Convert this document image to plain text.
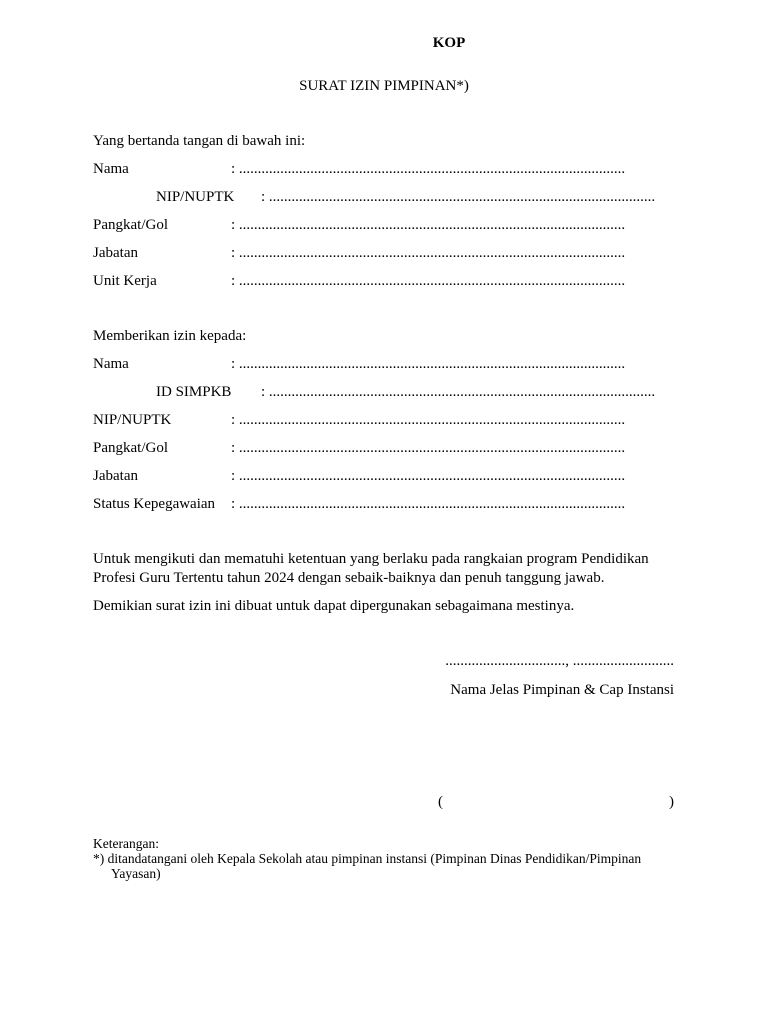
KOP
SURAT IZIN PIMPINAN*)
Yang bertanda tangan di bawah ini:
Nama	: .......................................................................................................
NIP/NUPTK : .......................................................................................................
Pangkat/Gol	: .......................................................................................................
Jabatan	: .......................................................................................................
Unit Kerja	: .......................................................................................................
Memberikan izin kepada:
Nama	: .......................................................................................................
ID SIMPKB : .......................................................................................................
NIP/NUPTK	: .......................................................................................................
Pangkat/Gol	: .......................................................................................................
Jabatan	: .......................................................................................................
Status Kepegawaian : .......................................................................................................
Untuk mengikuti dan mematuhi ketentuan yang berlaku pada rangkaian program Pendidikan Profesi Guru Tertentu tahun 2024 dengan sebaik-baiknya dan penuh tanggung jawab.
Demikian surat izin ini dibuat untuk dapat dipergunakan sebagaimana mestinya.
................................, ...........................
Nama Jelas Pimpinan & Cap Instansi
(	)
Keterangan:
*) ditandatangani oleh Kepala Sekolah atau pimpinan instansi (Pimpinan Dinas Pendidikan/Pimpinan
Yayasan)
